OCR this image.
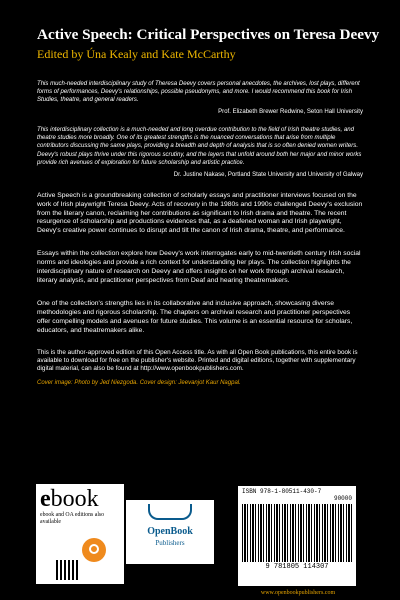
Active Speech: Critical Perspectives on Teresa Deevy
Edited by Úna Kealy and Kate McCarthy
This much-needed interdisciplinary study of Theresa Deevy covers personal anecdotes, the archives, lost plays, different forms of performances, Deevy's relationships, possible pseudonyms, and more. I would recommend this book for Irish Studies, theatre, and general readers.
Prof. Elizabeth Brewer Redwine, Seton Hall University
This interdisciplinary collection is a much-needed and long overdue contribution to the field of Irish theatre studies, and theatre studies more broadly. One of its greatest strengths is the nuanced conversations that arise from multiple contributors discussing the same plays, providing a breadth and depth of analysis that is so often denied women writers. Deevy's robust plays thrive under this rigorous scrutiny, and the layers that unfold around both her major and minor works provide rich avenues of exploration for future scholarship and artistic practice.
Dr. Justine Nakase, Portland State University and University of Galway
Active Speech is a groundbreaking collection of scholarly essays and practitioner interviews focused on the work of Irish playwright Teresa Deevy. Acts of recovery in the 1980s and 1990s challenged Deevy's exclusion from the literary canon, reclaiming her contributions as significant to Irish drama and theatre. The recent resurgence of scholarship and productions evidences that, as a deafened woman and Irish playwright, Deevy's creative power continues to disrupt and tilt the canon of Irish drama, theatre, and performance.
Essays within the collection explore how Deevy's work interrogates early to mid-twentieth century Irish social norms and ideologies and provide a rich context for understanding her plays. The collection highlights the interdisciplinary nature of research on Deevy and offers insights on her work through archival research, literary analysis, and practitioner perspectives from Deaf and hearing theatremakers.
One of the collection's strengths lies in its collaborative and inclusive approach, showcasing diverse methodologies and rigorous scholarship. The chapters on archival research and practitioner perspectives offer compelling models and avenues for future studies. This volume is an essential resource for scholars, educators, and theatremakers alike.
This is the author-approved edition of this Open Access title. As with all Open Book publications, this entire book is available to download for free on the publisher's website. Printed and digital editions, together with supplementary digital material, can also be found at http://www.openbookpublishers.com.
Cover image: Photo by Jed Niezgoda. Cover design: Jeevanjot Kaur Nagpal.
ebook
ebook and OA editions also available
OpenBook
Publishers
ISBN 978-1-80511-430-7
90000
9 781805 114307
www.openbookpublishers.com
